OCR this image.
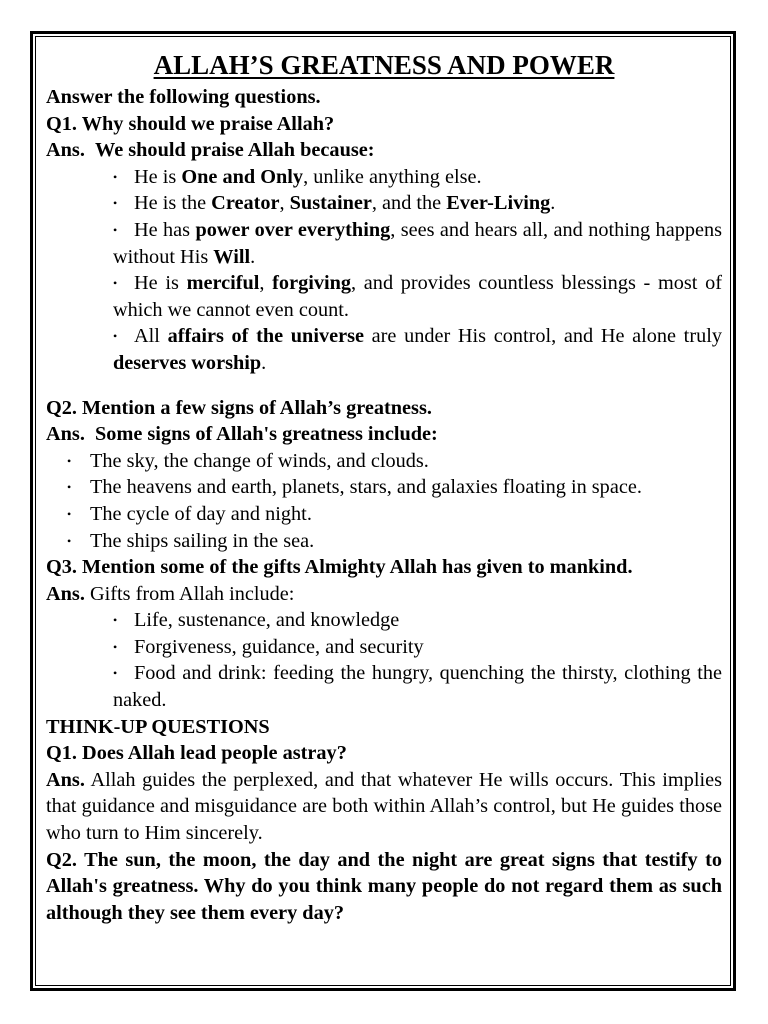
ALLAH’S GREATNESS AND POWER

Answer the following questions.

Q1. Why should we praise Allah?

Ans. We should praise Allah because:

• He is One and Only, unlike anything else.
• He is the Creator, Sustainer, and the Ever-Living.
• He has power over everything, sees and hears all, and nothing happens without His Will.
• He is merciful, forgiving, and provides countless blessings - most of which we cannot even count.
• All affairs of the universe are under His control, and He alone truly deserves worship.

Q2. Mention a few signs of Allah’s greatness.

Ans. Some signs of Allah's greatness include:

• The sky, the change of winds, and clouds.
• The heavens and earth, planets, stars, and galaxies floating in space.
• The cycle of day and night.
• The ships sailing in the sea.

Q3. Mention some of the gifts Almighty Allah has given to mankind.

Ans. Gifts from Allah include:

• Life, sustenance, and knowledge
• Forgiveness, guidance, and security
• Food and drink: feeding the hungry, quenching the thirsty, clothing the naked.

THINK-UP QUESTIONS

Q1. Does Allah lead people astray?

Ans. Allah guides the perplexed, and that whatever He wills occurs. This implies that guidance and misguidance are both within Allah’s control, but He guides those who turn to Him sincerely.

Q2. The sun, the moon, the day and the night are great signs that testify to Allah's greatness. Why do you think many people do not regard them as such although they see them every day?
